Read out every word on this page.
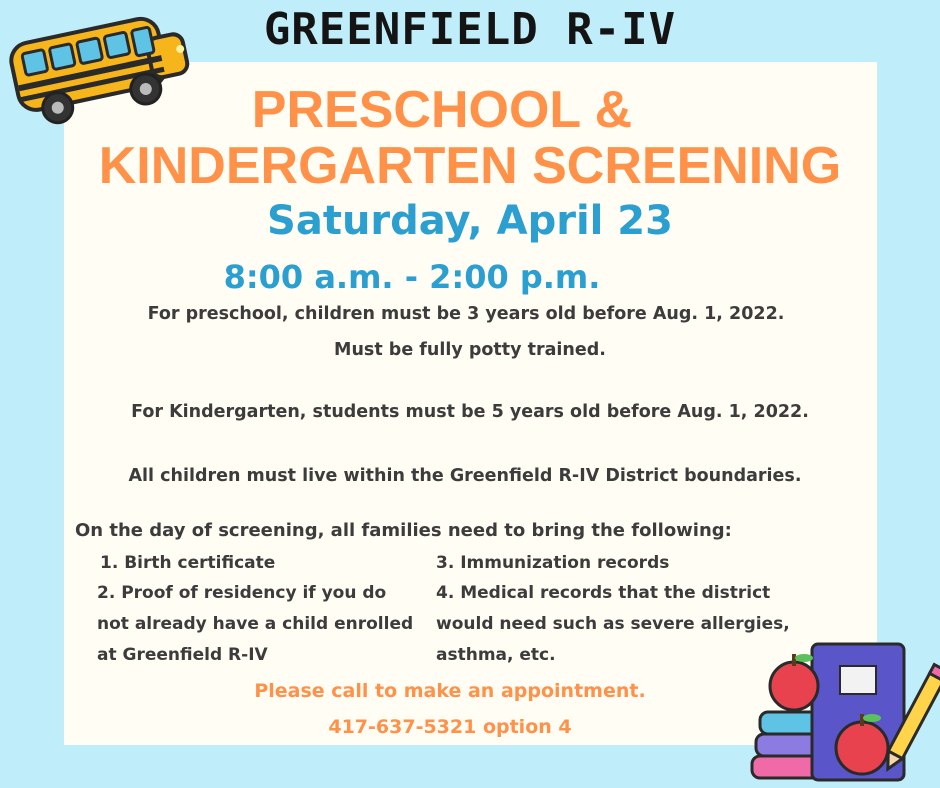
GREENFIELD R-IV
PRESCHOOL &
KINDERGARTEN SCREENING
Saturday, April 23
8:00 a.m. - 2:00 p.m.
For preschool, children must be 3 years old before Aug. 1, 2022.
Must be fully potty trained.
For Kindergarten, students must be 5 years old before Aug. 1, 2022.
All children must live within the Greenfield R-IV District boundaries.
On the day of screening, all families need to bring the following:
1. Birth certificate
2. Proof of residency if you do not already have a child enrolled at Greenfield R-IV
3. Immunization records
4. Medical records that the district would need such as severe allergies, asthma, etc.
Please call to make an appointment.
417-637-5321 option 4
